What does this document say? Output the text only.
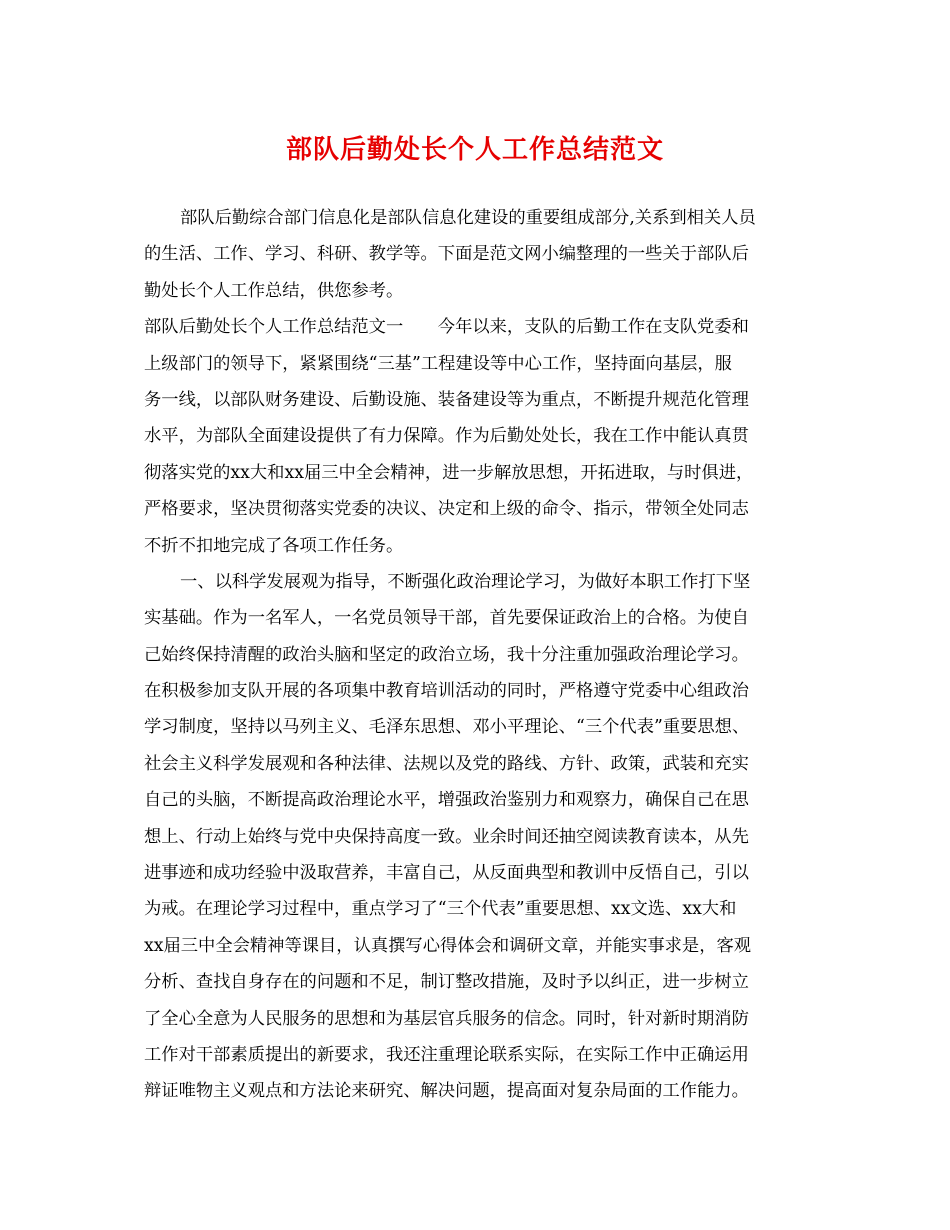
部队后勤处长个人工作总结范文
部队后勤综合部门信息化是部队信息化建设的重要组成部分,关系到相关人员
的生活、工作、学习、科研、教学等。下面是范文网小编整理的一些关于部队后
勤处长个人工作总结，供您参考。
部队后勤处长个人工作总结范文一　　今年以来，支队的后勤工作在支队党委和
上级部门的领导下，紧紧围绕“三基”工程建设等中心工作，坚持面向基层，服
务一线，以部队财务建设、后勤设施、装备建设等为重点，不断提升规范化管理
水平，为部队全面建设提供了有力保障。作为后勤处处长，我在工作中能认真贯
彻落实党的xx大和xx届三中全会精神，进一步解放思想，开拓进取，与时俱进，
严格要求，坚决贯彻落实党委的决议、决定和上级的命令、指示，带领全处同志
不折不扣地完成了各项工作任务。
一、以科学发展观为指导，不断强化政治理论学习，为做好本职工作打下坚
实基础。作为一名军人，一名党员领导干部，首先要保证政治上的合格。为使自
己始终保持清醒的政治头脑和坚定的政治立场，我十分注重加强政治理论学习。
在积极参加支队开展的各项集中教育培训活动的同时，严格遵守党委中心组政治
学习制度，坚持以马列主义、毛泽东思想、邓小平理论、“三个代表”重要思想、
社会主义科学发展观和各种法律、法规以及党的路线、方针、政策，武装和充实
自己的头脑，不断提高政治理论水平，增强政治鉴别力和观察力，确保自己在思
想上、行动上始终与党中央保持高度一致。业余时间还抽空阅读教育读本，从先
进事迹和成功经验中汲取营养，丰富自己，从反面典型和教训中反悟自己，引以
为戒。在理论学习过程中，重点学习了“三个代表”重要思想、xx文选、xx大和
xx届三中全会精神等课目，认真撰写心得体会和调研文章，并能实事求是，客观
分析、查找自身存在的问题和不足，制订整改措施，及时予以纠正，进一步树立
了全心全意为人民服务的思想和为基层官兵服务的信念。同时，针对新时期消防
工作对干部素质提出的新要求，我还注重理论联系实际，在实际工作中正确运用
辩证唯物主义观点和方法论来研究、解决问题，提高面对复杂局面的工作能力。
